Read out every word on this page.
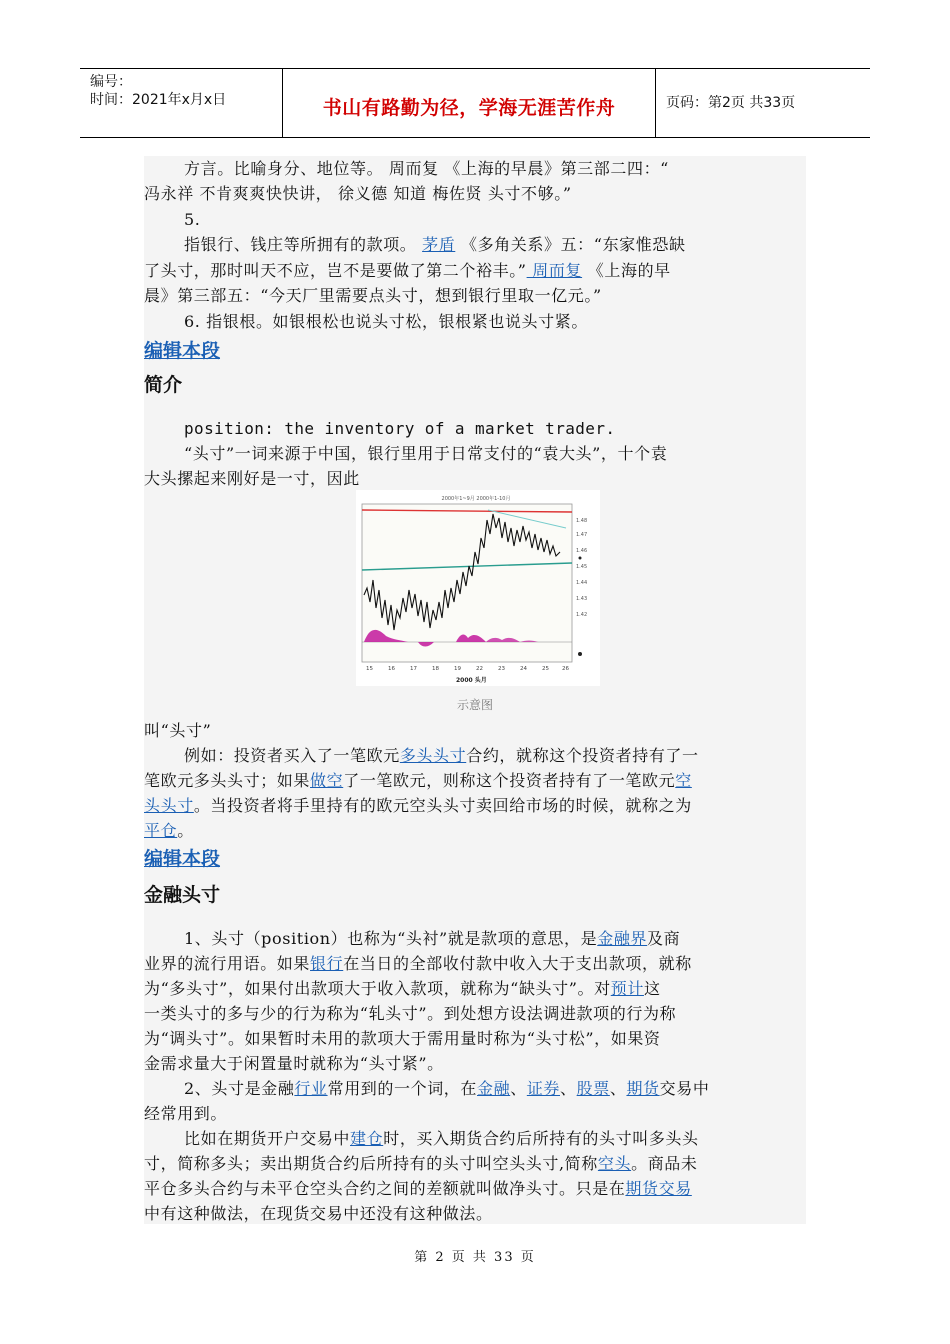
编号：
时间：2021年x月x日	书山有路勤为径，学海无涯苦作舟	页码：第2页 共33页
方言。比喻身分、地位等。 周而复 《上海的早晨》第三部二四：“
冯永祥 不肯爽爽快快讲， 徐义德 知道 梅佐贤 头寸不够。”
5.
指银行、钱庄等所拥有的款项。 茅盾 《多角关系》五：“东家惟恐缺
了头寸，那时叫天不应，岂不是要做了第二个裕丰。” 周而复 《上海的早
晨》第三部五：“今天厂里需要点头寸，想到银行里取一亿元。”
6. 指银根。如银根松也说头寸松，银根紧也说头寸紧。
编辑本段
简介
position: the inventory of a market trader.
“头寸”一词来源于中国，银行里用于日常支付的“袁大头”，十个袁
大头摞起来刚好是一寸，因此
2000年1~9月 2000年1-10月
1.48
1.47
1.46
1.45
1.44
1.43
1.42
15	16	17	18	19	22	23	24	25 26
2000 头月
示意图
叫“头寸”
例如：投资者买入了一笔欧元多头头寸合约，就称这个投资者持有了一
笔欧元多头头寸；如果做空了一笔欧元，则称这个投资者持有了一笔欧元空
头头寸。当投资者将手里持有的欧元空头头寸卖回给市场的时候，就称之为
平仓。
编辑本段
金融头寸
1、头寸（position）也称为“头衬”就是款项的意思，是金融界及商
业界的流行用语。如果银行在当日的全部收付款中收入大于支出款项，就称
为“多头寸”，如果付出款项大于收入款项，就称为“缺头寸”。对预计这
一类头寸的多与少的行为称为“轧头寸”。到处想方设法调进款项的行为称
为“调头寸”。如果暂时未用的款项大于需用量时称为“头寸松”，如果资
金需求量大于闲置量时就称为“头寸紧”。
2、头寸是金融行业常用到的一个词，在金融、证券、股票、期货交易中
经常用到。
比如在期货开户交易中建仓时，买入期货合约后所持有的头寸叫多头头
寸，简称多头；卖出期货合约后所持有的头寸叫空头头寸,简称空头。商品未
平仓多头合约与未平仓空头合约之间的差额就叫做净头寸。只是在期货交易
中有这种做法，在现货交易中还没有这种做法。
第 2 页 共 33 页
